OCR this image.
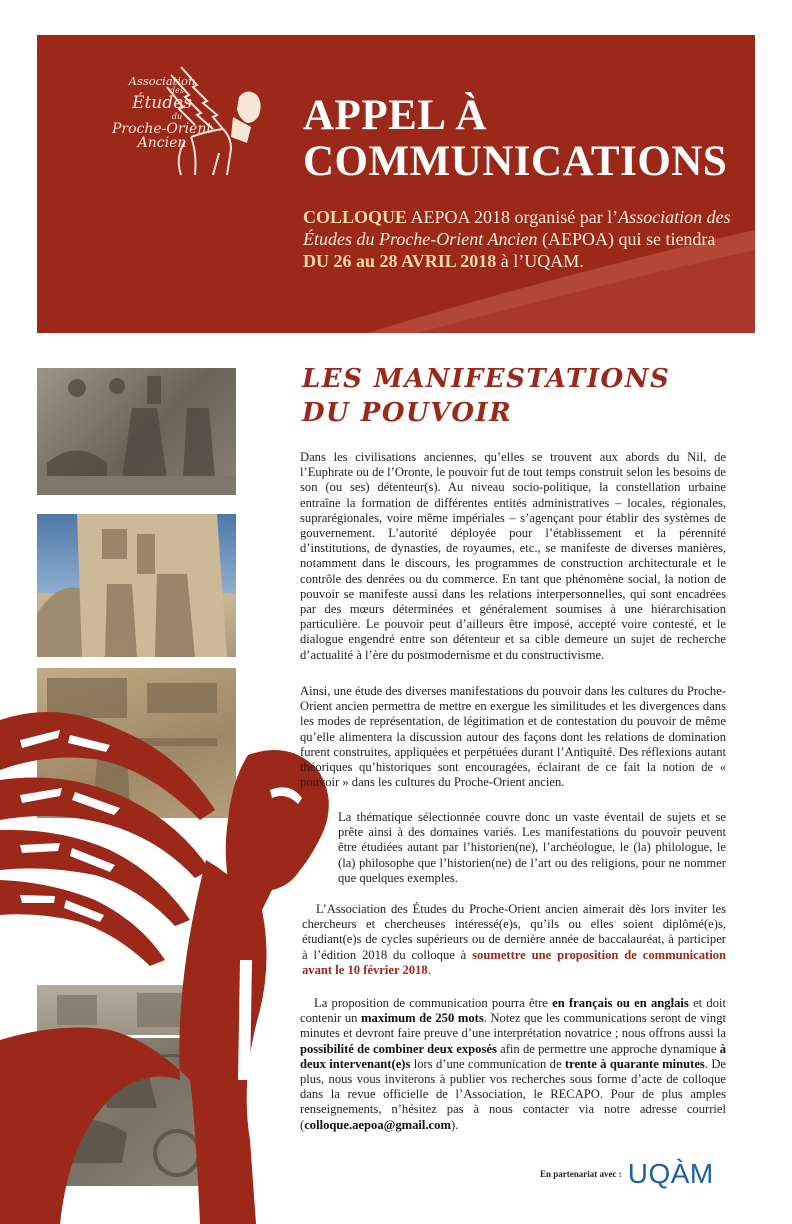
Association
des
Études
du
Proche-Orient
Ancien
APPEL À
COMMUNICATIONS
COLLOQUE AEPOA 2018 organisé par l’Association des Études du Proche-Orient Ancien (AEPOA) qui se tiendra DU 26 au 28 AVRIL 2018 à l’UQAM.
LES MANIFESTATIONS
DU POUVOIR

Dans les civilisations anciennes, qu’elles se trouvent aux abords du Nil, de l’Euphrate ou de l’Oronte, le pouvoir fut de tout temps construit selon les besoins de son (ou ses) détenteur(s). Au niveau socio-politique, la constellation urbaine entraîne la formation de différentes entités administratives – locales, régionales, suprarégionales, voire même impériales – s’agençant pour établir des systèmes de gouvernement. L’autorité déployée pour l’établissement et la pérennité d’institutions, de dynasties, de royaumes, etc., se manifeste de diverses manières, notamment dans le discours, les programmes de construction architecturale et le contrôle des denrées ou du commerce. En tant que phénomène social, la notion de pouvoir se manifeste aussi dans les relations interpersonnelles, qui sont encadrées par des mœurs déterminées et généralement soumises à une hiérarchisation particulière. Le pouvoir peut d’ailleurs être imposé, accepté voire contesté, et le dialogue engendré entre son détenteur et sa cible demeure un sujet de recherche d’actualité à l’ère du postmodernisme et du constructivisme.

Ainsi, une étude des diverses manifestations du pouvoir dans les cultures du Proche-Orient ancien permettra de mettre en exergue les similitudes et les divergences dans les modes de représentation, de légitimation et de contestation du pouvoir de même qu’elle alimentera la discussion autour des façons dont les relations de domination furent construites, appliquées et perpétuées durant l’Antiquité. Des réflexions autant théoriques qu’historiques sont encouragées, éclairant de ce fait la notion de « pouvoir » dans les cultures du Proche-Orient ancien.

La thématique sélectionnée couvre donc un vaste éventail de sujets et se prête ainsi à des domaines variés. Les manifestations du pouvoir peuvent être étudiées autant par l’historien(ne), l’archéologue, le (la) philologue, le (la) philosophe que l’historien(ne) de l’art ou des religions, pour ne nommer que quelques exemples.

L’Association des Études du Proche-Orient ancien aimerait dès lors inviter les chercheurs et chercheuses intéressé(e)s, qu’ils ou elles soient diplômé(e)s, étudiant(e)s de cycles supérieurs ou de dernière année de baccalauréat, à participer à l’édition 2018 du colloque à soumettre une proposition de communication avant le 10 février 2018.

La proposition de communication pourra être en français ou en anglais et doit contenir un maximum de 250 mots. Notez que les communications seront de vingt minutes et devront faire preuve d’une interprétation novatrice ; nous offrons aussi la possibilité de combiner deux exposés afin de permettre une approche dynamique à deux intervenant(e)s lors d’une communication de trente à quarante minutes. De plus, nous vous inviterons à publier vos recherches sous forme d’acte de colloque dans la revue officielle de l’Association, le RECAPO. Pour de plus amples renseignements, n’hésitez pas à nous contacter via notre adresse courriel (colloque.aepoa@gmail.com).

En partenariat avec : UQÀM
